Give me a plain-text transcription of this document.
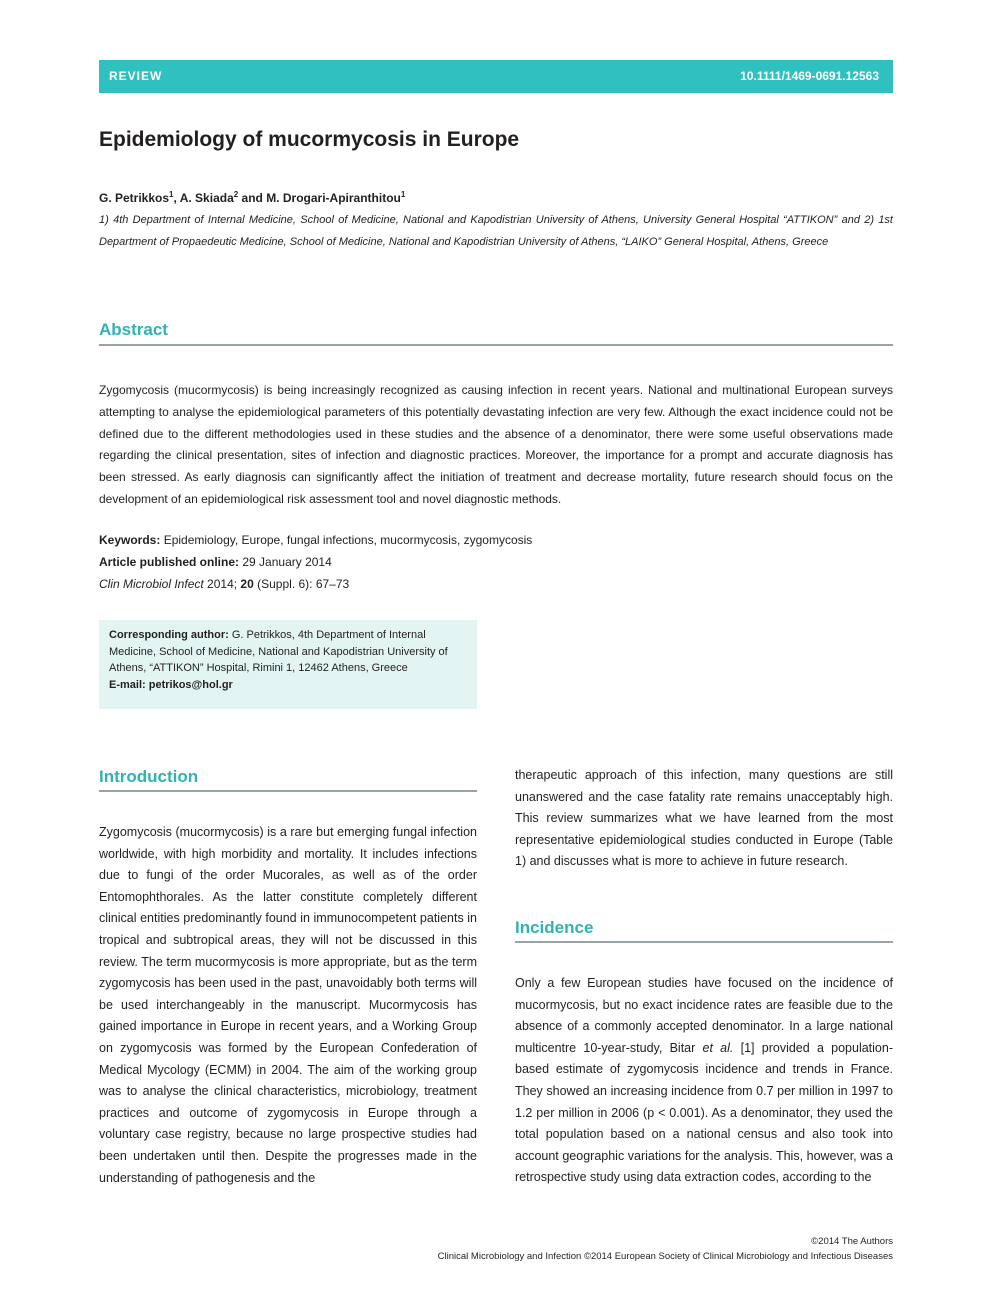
REVIEW	10.1111/1469-0691.12563
Epidemiology of mucormycosis in Europe
G. Petrikkos$^1$, A. Skiada$^2$ and M. Drogari-Apiranthitou$^1$
1) 4th Department of Internal Medicine, School of Medicine, National and Kapodistrian University of Athens, University General Hospital “ATTIKON” and 2) 1st Department of Propaedeutic Medicine, School of Medicine, National and Kapodistrian University of Athens, “LAIKO” General Hospital, Athens, Greece
Abstract
Zygomycosis (mucormycosis) is being increasingly recognized as causing infection in recent years. National and multinational European surveys attempting to analyse the epidemiological parameters of this potentially devastating infection are very few. Although the exact incidence could not be defined due to the different methodologies used in these studies and the absence of a denominator, there were some useful observations made regarding the clinical presentation, sites of infection and diagnostic practices. Moreover, the importance for a prompt and accurate diagnosis has been stressed. As early diagnosis can significantly affect the initiation of treatment and decrease mortality, future research should focus on the development of an epidemiological risk assessment tool and novel diagnostic methods.
Keywords: Epidemiology, Europe, fungal infections, mucormycosis, zygomycosis
Article published online: 29 January 2014
Clin Microbiol Infect 2014; 20 (Suppl. 6): 67–73
Corresponding author: G. Petrikkos, 4th Department of Internal Medicine, School of Medicine, National and Kapodistrian University of Athens, “ATTIKON” Hospital, Rimini 1, 12462 Athens, Greece
E-mail: petrikos@hol.gr
Introduction
Zygomycosis (mucormycosis) is a rare but emerging fungal infection worldwide, with high morbidity and mortality. It includes infections due to fungi of the order Mucorales, as well as of the order Entomophthorales. As the latter constitute completely different clinical entities predominantly found in immunocompetent patients in tropical and subtropical areas, they will not be discussed in this review. The term mucormycosis is more appropriate, but as the term zygomycosis has been used in the past, unavoidably both terms will be used interchangeably in the manuscript. Mucormycosis has gained importance in Europe in recent years, and a Working Group on zygomycosis was formed by the European Confederation of Medical Mycology (ECMM) in 2004. The aim of the working group was to analyse the clinical characteristics, microbiology, treatment practices and outcome of zygomycosis in Europe through a voluntary case registry, because no large prospective studies had been undertaken until then. Despite the progresses made in the understanding of pathogenesis and the
therapeutic approach of this infection, many questions are still unanswered and the case fatality rate remains unacceptably high. This review summarizes what we have learned from the most representative epidemiological studies conducted in Europe (Table 1) and discusses what is more to achieve in future research.
Incidence
Only a few European studies have focused on the incidence of mucormycosis, but no exact incidence rates are feasible due to the absence of a commonly accepted denominator. In a large national multicentre 10-year-study, Bitar et al. [1] provided a population-based estimate of zygomycosis incidence and trends in France. They showed an increasing incidence from 0.7 per million in 1997 to 1.2 per million in 2006 (p < 0.001). As a denominator, they used the total population based on a national census and also took into account geographic variations for the analysis. This, however, was a retrospective study using data extraction codes, according to the
©2014 The Authors
Clinical Microbiology and Infection ©2014 European Society of Clinical Microbiology and Infectious Diseases
